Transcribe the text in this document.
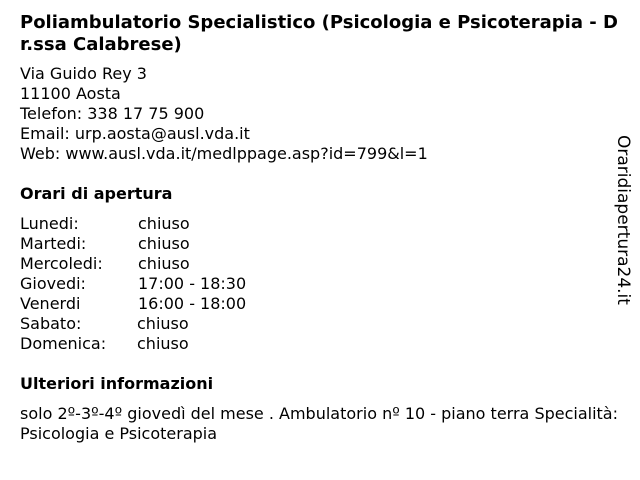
Poliambulatorio Specialistico (Psicologia e Psicoterapia - Dr.ssa Calabrese)
Via Guido Rey 3
11100 Aosta
Telefon: 338 17 75 900
Email: urp.aosta@ausl.vda.it
Web: www.ausl.vda.it/medlppage.asp?id=799&l=1
Orari di apertura
Lunedi:	chiuso
Martedi:	chiuso
Mercoledi: chiuso
Giovedi:	17:00 - 18:30
Venerdi	16:00 - 18:00
Sabato:	chiuso
Domenica: chiuso
Ulteriori informazioni
solo 2º-3º-4º giovedì del mese . Ambulatorio nº 10 - piano terra Specialità: Psicologia e Psicoterapia
Oraridiapertura24.it
